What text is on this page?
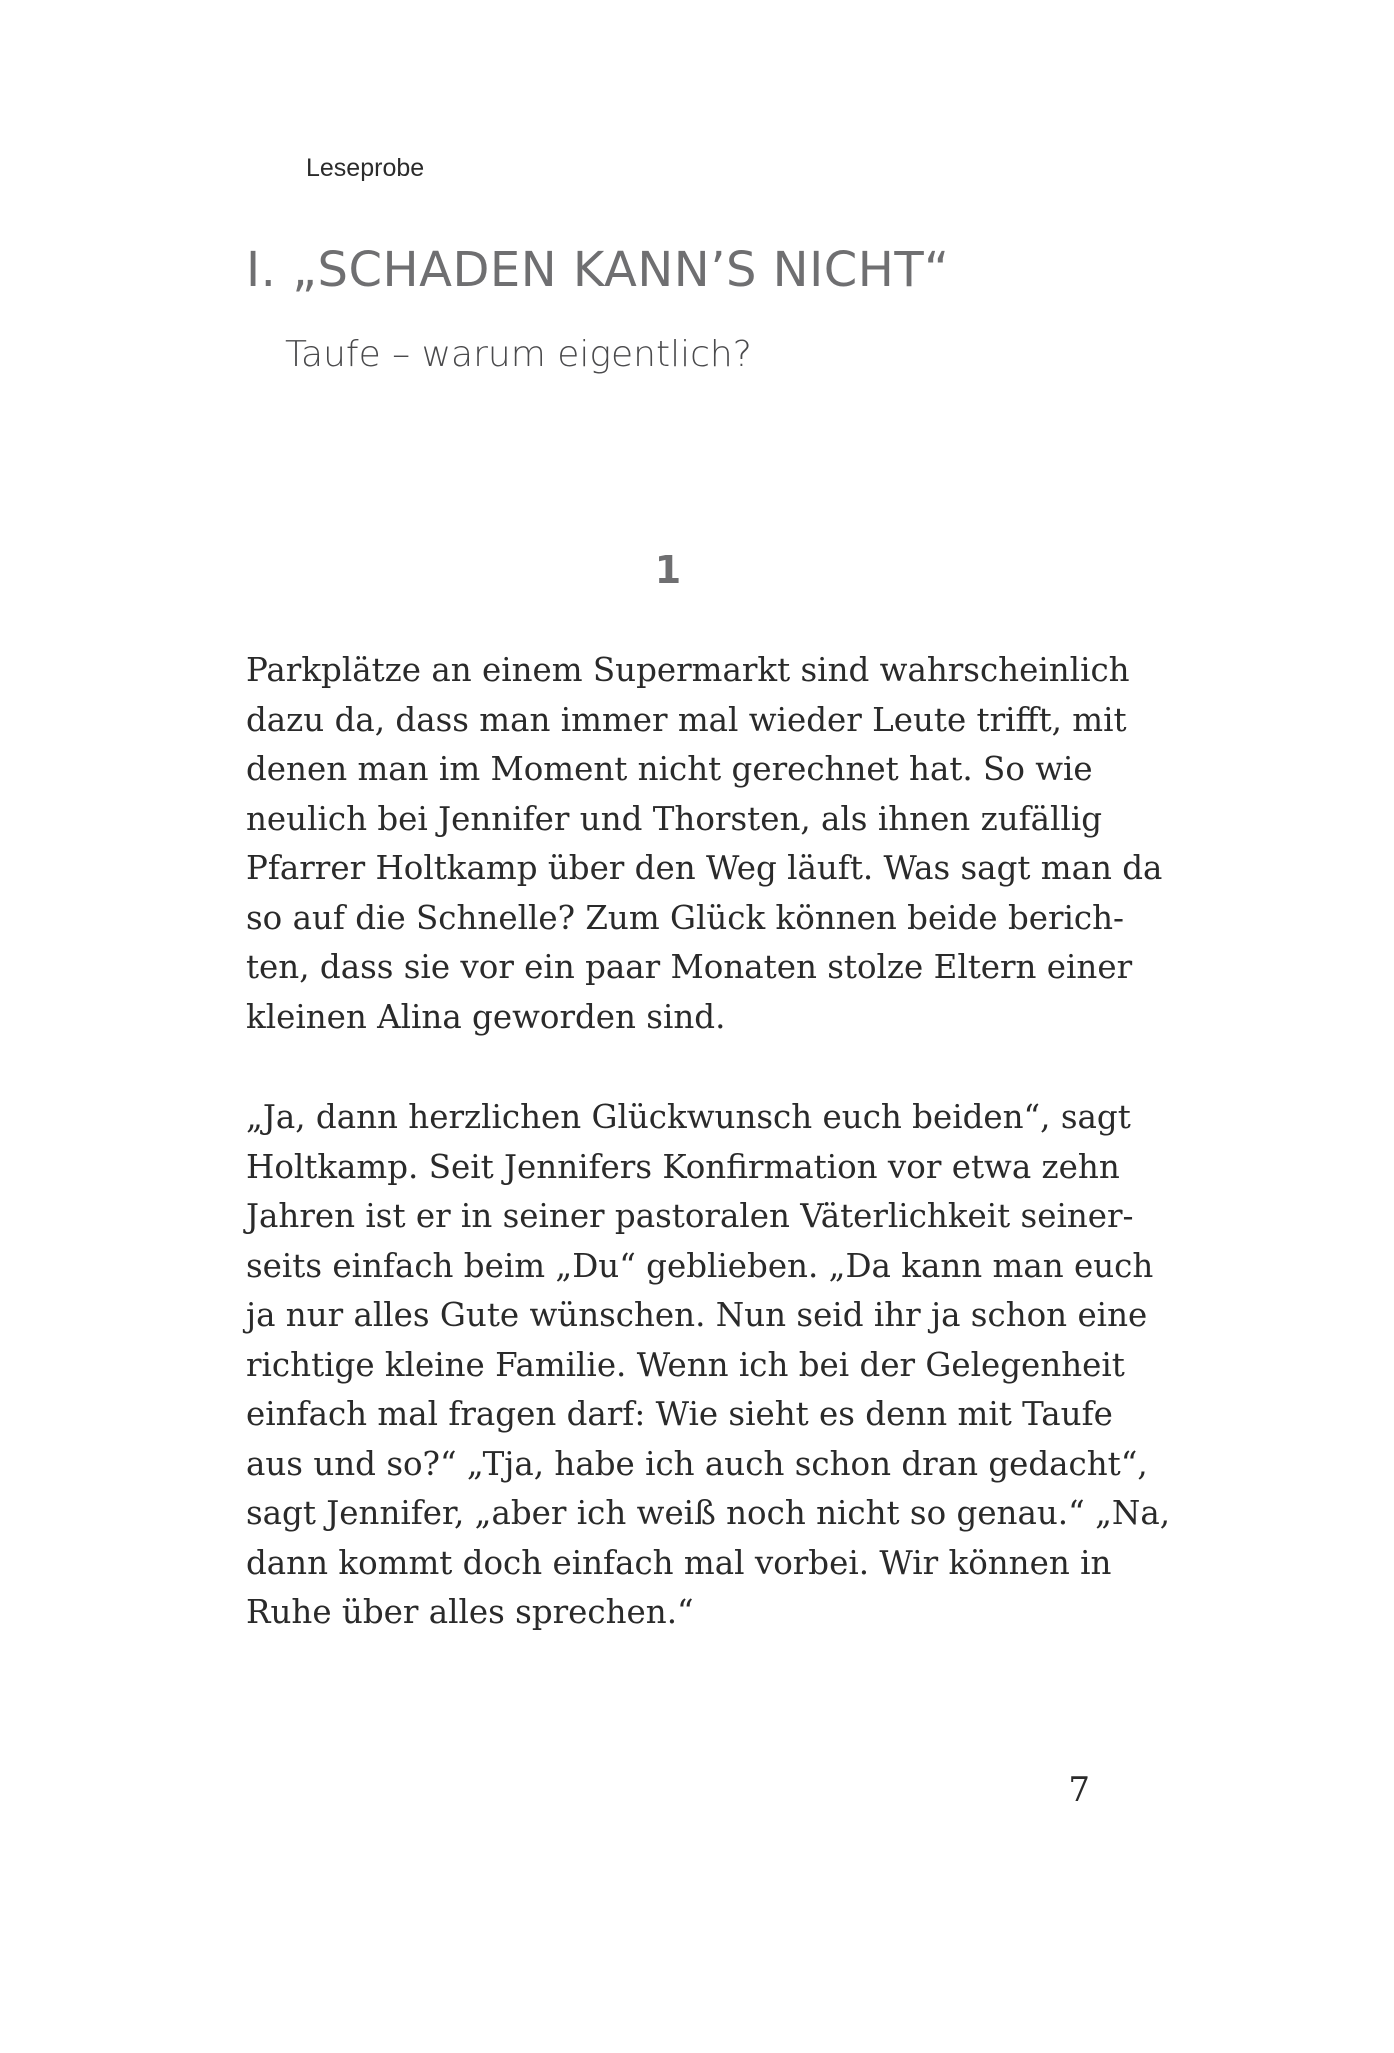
Leseprobe
I. „SCHADEN KANN’S NICHT“
Taufe – warum eigentlich?
1
Parkplätze an einem Supermarkt sind wahrscheinlich
dazu da, dass man immer mal wieder Leute trifft, mit
denen man im Moment nicht gerechnet hat. So wie
neulich bei Jennifer und Thorsten, als ihnen zufällig
Pfarrer Holtkamp über den Weg läuft. Was sagt man da
so auf die Schnelle? Zum Glück können beide berich-
ten, dass sie vor ein paar Monaten stolze Eltern einer
kleinen Alina geworden sind.
„Ja, dann herzlichen Glückwunsch euch beiden“, sagt
Holtkamp. Seit Jennifers Konfirmation vor etwa zehn
Jahren ist er in seiner pastoralen Väterlichkeit seiner-
seits einfach beim „Du“ geblieben. „Da kann man euch
ja nur alles Gute wünschen. Nun seid ihr ja schon eine
richtige kleine Familie. Wenn ich bei der Gelegenheit
einfach mal fragen darf: Wie sieht es denn mit Taufe
aus und so?“ „Tja, habe ich auch schon dran gedacht“,
sagt Jennifer, „aber ich weiß noch nicht so genau.“ „Na,
dann kommt doch einfach mal vorbei. Wir können in
Ruhe über alles sprechen.“
7
